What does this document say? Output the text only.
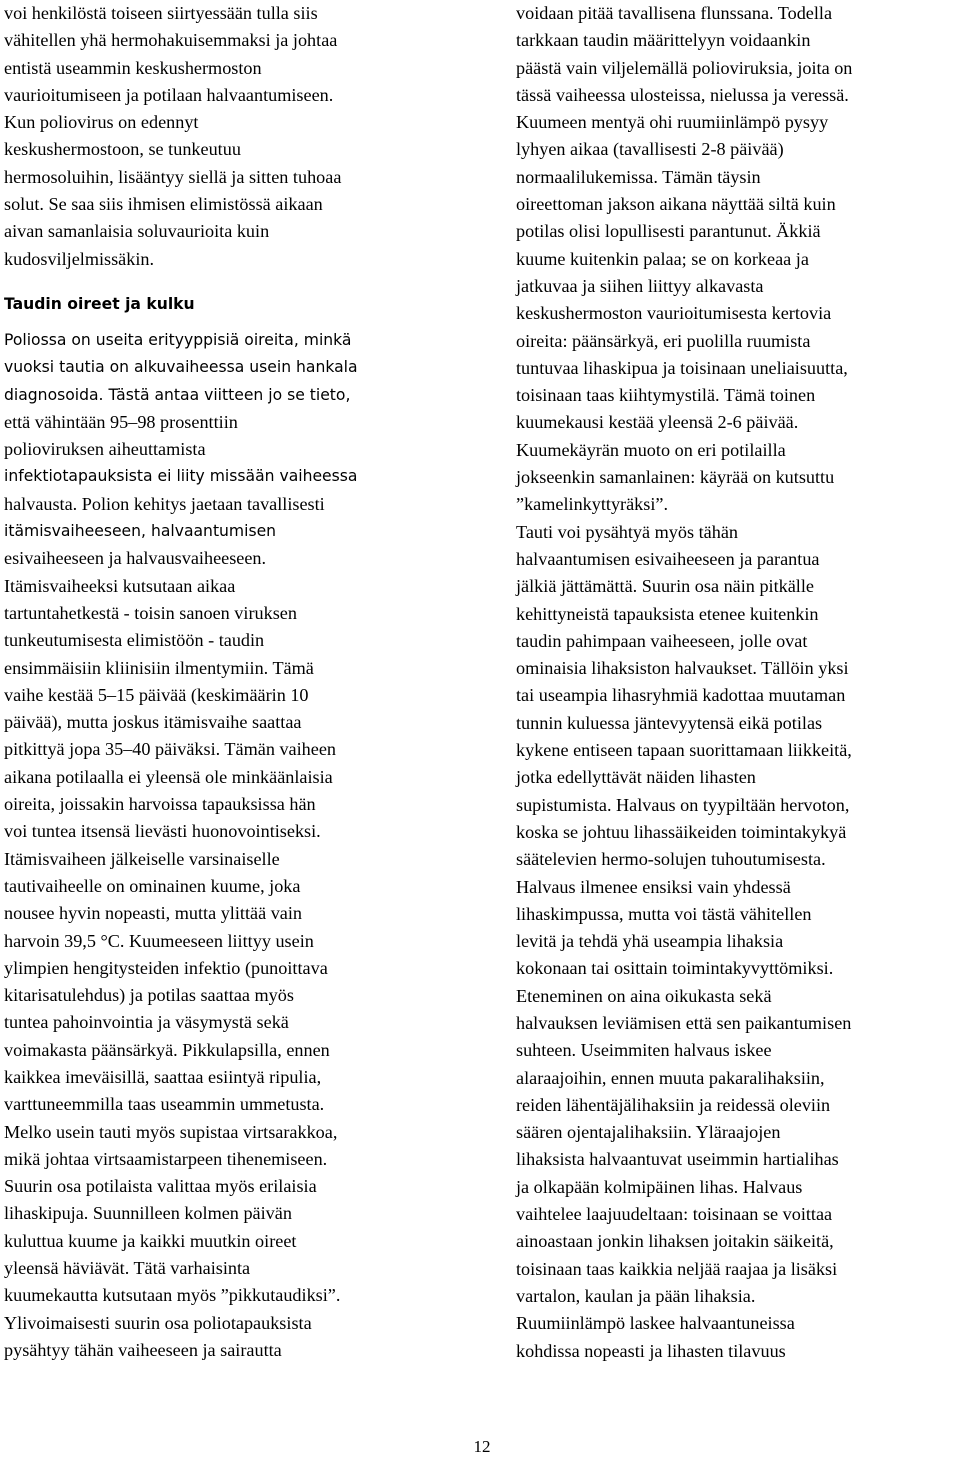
voi henkilöstä toiseen siirtyessään tulla siis
vähitellen yhä hermohakuisemmaksi ja johtaa
entistä useammin keskushermoston
vaurioitumiseen ja potilaan halvaantumiseen.
Kun poliovirus on edennyt
keskushermostoon, se tunkeutuu
hermosoluihin, lisääntyy siellä ja sitten tuhoaa
solut. Se saa siis ihmisen elimistössä aikaan
aivan samanlaisia soluvaurioita kuin
kudosviljelmissäkin.
Taudin oireet ja kulku
Poliossa on useita erityyppisiä oireita, minkä
vuoksi tautia on alkuvaiheessa usein hankala
diagnosoida. Tästä antaa viitteen jo se tieto,
että vähintään 95–98 prosenttiin
polioviruksen aiheuttamista
infektiotapauksista ei liity missään vaiheessa
halvausta. Polion kehitys jaetaan tavallisesti
itämisvaiheeseen, halvaantumisen
esivaiheeseen ja halvausvaiheeseen.
Itämisvaiheeksi kutsutaan aikaa
tartuntahetkestä - toisin sanoen viruksen
tunkeutumisesta elimistöön - taudin
ensimmäisiin kliinisiin ilmentymiin. Tämä
vaihe kestää 5–15 päivää (keskimäärin 10
päivää), mutta joskus itämisvaihe saattaa
pitkittyä jopa 35–40 päiväksi. Tämän vaiheen
aikana potilaalla ei yleensä ole minkäänlaisia
oireita, joissakin harvoissa tapauksissa hän
voi tuntea itsensä lievästi huonovointiseksi.
Itämisvaiheen jälkeiselle varsinaiselle
tautivaiheelle on ominainen kuume, joka
nousee hyvin nopeasti, mutta ylittää vain
harvoin 39,5 °C. Kuumeeseen liittyy usein
ylimpien hengitysteiden infektio (punoittava
kitarisatulehdus) ja potilas saattaa myös
tuntea pahoinvointia ja väsymystä sekä
voimakasta päänsärkyä. Pikkulapsilla, ennen
kaikkea imeväisillä, saattaa esiintyä ripulia,
varttuneemmilla taas useammin ummetusta.
Melko usein tauti myös supistaa virtsarakkoa,
mikä johtaa virtsaamistarpeen tihenemiseen.
Suurin osa potilaista valittaa myös erilaisia
lihaskipuja. Suunnilleen kolmen päivän
kuluttua kuume ja kaikki muutkin oireet
yleensä häviävät. Tätä varhaisinta
kuumekautta kutsutaan myös ”pikkutaudiksi”.
Ylivoimaisesti suurin osa poliotapauksista
pysähtyy tähän vaiheeseen ja sairautta
voidaan pitää tavallisena flunssana. Todella
tarkkaan taudin määrittelyyn voidaankin
päästä vain viljelemällä polioviruksia, joita on
tässä vaiheessa ulosteissa, nielussa ja veressä.
Kuumeen mentyä ohi ruumiinlämpö pysyy
lyhyen aikaa (tavallisesti 2-8 päivää)
normaalilukemissa. Tämän täysin
oireettoman jakson aikana näyttää siltä kuin
potilas olisi lopullisesti parantunut. Äkkiä
kuume kuitenkin palaa; se on korkeaa ja
jatkuvaa ja siihen liittyy alkavasta
keskushermoston vaurioitumisesta kertovia
oireita: päänsärkyä, eri puolilla ruumista
tuntuvaa lihaskipua ja toisinaan uneliaisuutta,
toisinaan taas kiihtymystilä. Tämä toinen
kuumekausi kestää yleensä 2-6 päivää.
Kuumekäyrän muoto on eri potilailla
jokseenkin samanlainen: käyrää on kutsuttu
”kamelinkyttyräksi”.
Tauti voi pysähtyä myös tähän
halvaantumisen esivaiheeseen ja parantua
jälkiä jättämättä. Suurin osa näin pitkälle
kehittyneistä tapauksista etenee kuitenkin
taudin pahimpaan vaiheeseen, jolle ovat
ominaisia lihaksiston halvaukset. Tällöin yksi
tai useampia lihasryhmiä kadottaa muutaman
tunnin kuluessa jäntevyytensä eikä potilas
kykene entiseen tapaan suorittamaan liikkeitä,
jotka edellyttävät näiden lihasten
supistumista. Halvaus on tyypiltään hervoton,
koska se johtuu lihassäikeiden toimintakykyä
säätelevien hermo-solujen tuhoutumisesta.
Halvaus ilmenee ensiksi vain yhdessä
lihaskimpussa, mutta voi tästä vähitellen
levitä ja tehdä yhä useampia lihaksia
kokonaan tai osittain toimintakyvyttömiksi.
Eteneminen on aina oikukasta sekä
halvauksen leviämisen että sen paikantumisen
suhteen. Useimmiten halvaus iskee
alaraajoihin, ennen muuta pakaralihaksiin,
reiden lähentäjälihaksiin ja reidessä oleviin
säären ojentajalihaksiin. Yläraajojen
lihaksista halvaantuvat useimmin hartialihas
ja olkapään kolmipäinen lihas. Halvaus
vaihtelee laajuudeltaan: toisinaan se voittaa
ainoastaan jonkin lihaksen joitakin säikeitä,
toisinaan taas kaikkia neljää raajaa ja lisäksi
vartalon, kaulan ja pään lihaksia.
Ruumiinlämpö laskee halvaantuneissa
kohdissa nopeasti ja lihasten tilavuus
12
